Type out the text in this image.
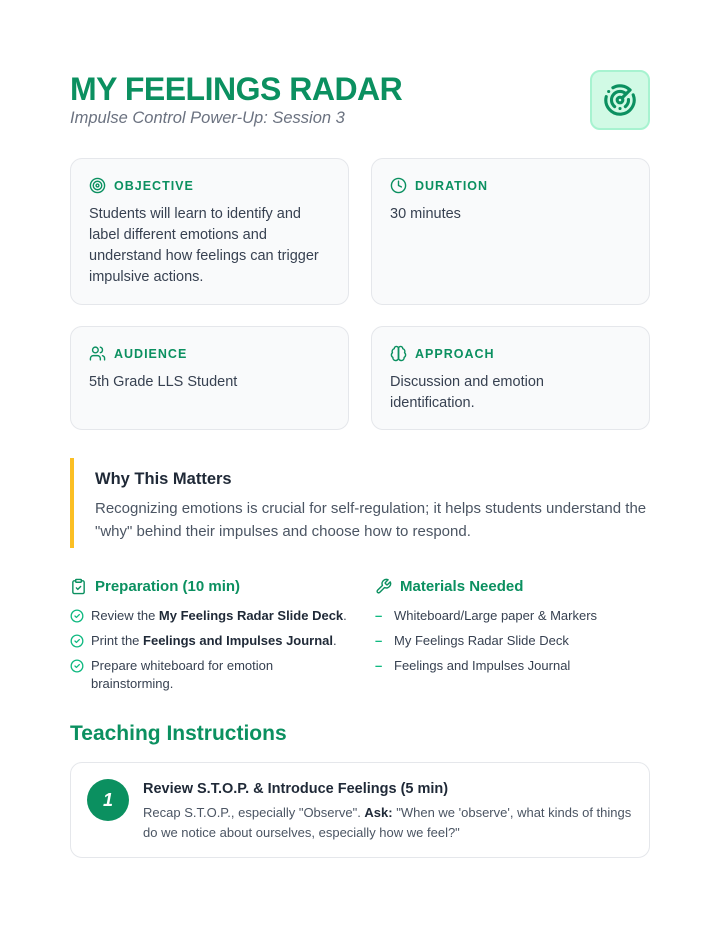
MY FEELINGS RADAR
Impulse Control Power-Up: Session 3
OBJECTIVE
Students will learn to identify and label different emotions and understand how feelings can trigger impulsive actions.
DURATION
30 minutes
AUDIENCE
5th Grade LLS Student
APPROACH
Discussion and emotion identification.
Why This Matters
Recognizing emotions is crucial for self-regulation; it helps students understand the "why" behind their impulses and choose how to respond.
Preparation (10 min)
Review the My Feelings Radar Slide Deck.
Print the Feelings and Impulses Journal.
Prepare whiteboard for emotion brainstorming.
Materials Needed
– Whiteboard/Large paper & Markers
– My Feelings Radar Slide Deck
– Feelings and Impulses Journal
Teaching Instructions
1
Review S.T.O.P. & Introduce Feelings (5 min)
Recap S.T.O.P., especially "Observe". Ask: "When we 'observe', what kinds of things do we notice about ourselves, especially how we feel?"
